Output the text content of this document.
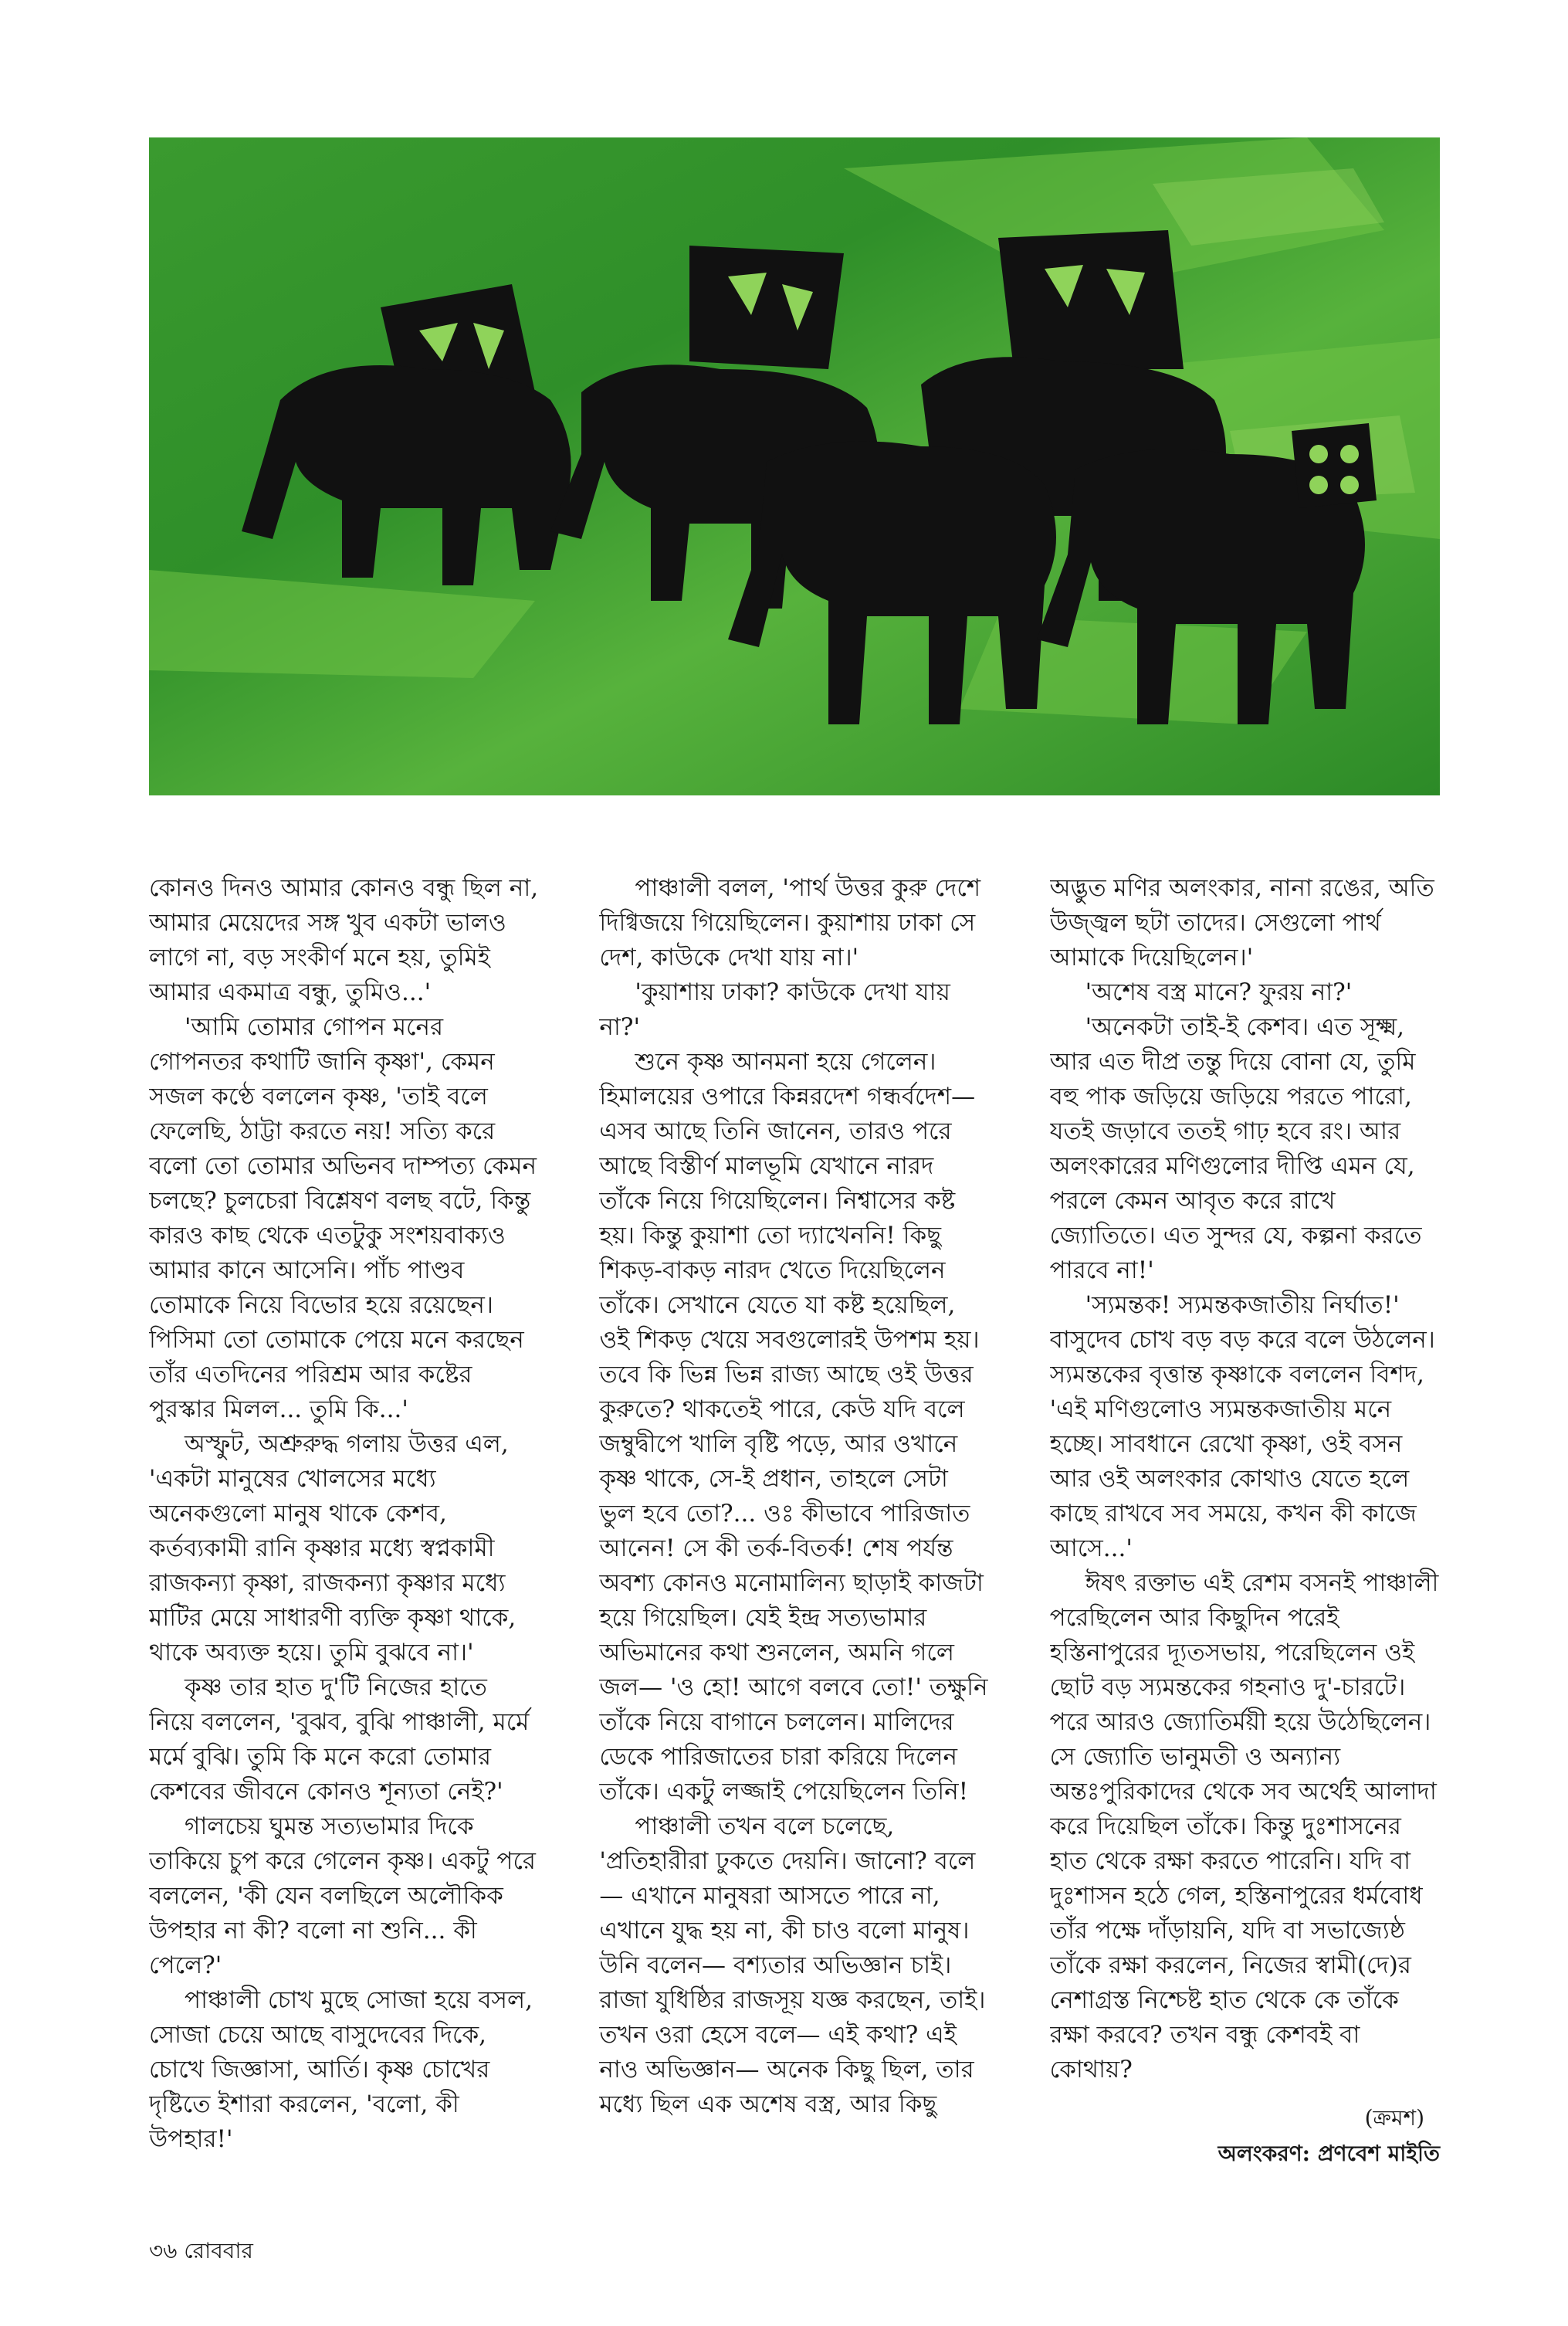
কোনও দিনও আমার কোনও বন্ধু ছিল না, আমার মেয়েদের সঙ্গ খুব একটা ভালও লাগে না, বড় সংকীর্ণ মনে হয়, তুমিই আমার একমাত্র বন্ধু, তুমিও...'

'আমি তোমার গোপন মনের গোপনতর কথাটি জানি কৃষ্ণা', কেমন সজল কণ্ঠে বললেন কৃষ্ণ, 'তাই বলে ফেলেছি, ঠাট্টা করতে নয়! সত্যি করে বলো তো তোমার অভিনব দাম্পত্য কেমন চলছে? চুলচেরা বিশ্লেষণ বলছ বটে, কিন্তু কারও কাছ থেকে এতটুকু সংশয়বাক্যও আমার কানে আসেনি। পাঁচ পাণ্ডব তোমাকে নিয়ে বিভোর হয়ে রয়েছেন। পিসিমা তো তোমাকে পেয়ে মনে করছেন তাঁর এতদিনের পরিশ্রম আর কষ্টের পুরস্কার মিলল... তুমি কি...'

অস্ফুট, অশ্রুরুদ্ধ গলায় উত্তর এল, 'একটা মানুষের খোলসের মধ্যে অনেকগুলো মানুষ থাকে কেশব, কর্তব্যকামী রানি কৃষ্ণার মধ্যে স্বপ্নকামী রাজকন্যা কৃষ্ণা, রাজকন্যা কৃষ্ণার মধ্যে মাটির মেয়ে সাধারণী ব্যক্তি কৃষ্ণা থাকে, থাকে অব্যক্ত হয়ে। তুমি বুঝবে না।'

কৃষ্ণ তার হাত দু'টি নিজের হাতে নিয়ে বললেন, 'বুঝব, বুঝি পাঞ্চালী, মর্মে মর্মে বুঝি। তুমি কি মনে করো তোমার কেশবের জীবনে কোনও শূন্যতা নেই?'

গালচেয় ঘুমন্ত সত্যভামার দিকে তাকিয়ে চুপ করে গেলেন কৃষ্ণ। একটু পরে বললেন, 'কী যেন বলছিলে অলৌকিক উপহার না কী? বলো না শুনি... কী পেলে?'

পাঞ্চালী চোখ মুছে সোজা হয়ে বসল, সোজা চেয়ে আছে বাসুদেবের দিকে, চোখে জিজ্ঞাসা, আর্তি। কৃষ্ণ চোখের দৃষ্টিতে ইশারা করলেন, 'বলো, কী উপহার!'

পাঞ্চালী বলল, 'পার্থ উত্তর কুরু দেশে দিগ্বিজয়ে গিয়েছিলেন। কুয়াশায় ঢাকা সে দেশ, কাউকে দেখা যায় না।'

'কুয়াশায় ঢাকা? কাউকে দেখা যায় না?'

শুনে কৃষ্ণ আনমনা হয়ে গেলেন। হিমালয়ের ওপারে কিন্নরদেশ গন্ধর্বদেশ— এসব আছে তিনি জানেন, তারও পরে আছে বিস্তীর্ণ মালভূমি যেখানে নারদ তাঁকে নিয়ে গিয়েছিলেন। নিশ্বাসের কষ্ট হয়। কিন্তু কুয়াশা তো দ্যাখেননি! কিছু শিকড়-বাকড় নারদ খেতে দিয়েছিলেন তাঁকে। সেখানে যেতে যা কষ্ট হয়েছিল, ওই শিকড় খেয়ে সবগুলোরই উপশম হয়। তবে কি ভিন্ন ভিন্ন রাজ্য আছে ওই উত্তর কুরুতে? থাকতেই পারে, কেউ যদি বলে জম্বুদ্বীপে খালি বৃষ্টি পড়ে, আর ওখানে কৃষ্ণ থাকে, সে-ই প্রধান, তাহলে সেটা ভুল হবে তো?... ওঃ কীভাবে পারিজাত আনেন! সে কী তর্ক-বিতর্ক! শেষ পর্যন্ত অবশ্য কোনও মনোমালিন্য ছাড়াই কাজটা হয়ে গিয়েছিল। যেই ইন্দ্র সত্যভামার অভিমানের কথা শুনলেন, অমনি গলে জল— 'ও হো! আগে বলবে তো!' তক্ষুনি তাঁকে নিয়ে বাগানে চললেন। মালিদের ডেকে পারিজাতের চারা করিয়ে দিলেন তাঁকে। একটু লজ্জাই পেয়েছিলেন তিনি!

পাঞ্চালী তখন বলে চলেছে, 'প্রতিহারীরা ঢুকতে দেয়নি। জানো? বলে— এখানে মানুষরা আসতে পারে না, এখানে যুদ্ধ হয় না, কী চাও বলো মানুষ। উনি বলেন— বশ্যতার অভিজ্ঞান চাই। রাজা যুধিষ্ঠির রাজসূয় যজ্ঞ করছেন, তাই। তখন ওরা হেসে বলে— এই কথা? এই নাও অভিজ্ঞান— অনেক কিছু ছিল, তার মধ্যে ছিল এক অশেষ বস্ত্র, আর কিছু

অদ্ভুত মণির অলংকার, নানা রঙের, অতি উজ্জ্বল ছটা তাদের। সেগুলো পার্থ আমাকে দিয়েছিলেন।'

'অশেষ বস্ত্র মানে? ফুরয় না?'

'অনেকটা তাই-ই কেশব। এত সূক্ষ্ম, আর এত দীপ্র তন্তু দিয়ে বোনা যে, তুমি বহু পাক জড়িয়ে জড়িয়ে পরতে পারো, যতই জড়াবে ততই গাঢ় হবে রং। আর অলংকারের মণিগুলোর দীপ্তি এমন যে, পরলে কেমন আবৃত করে রাখে জ্যোতিতে। এত সুন্দর যে, কল্পনা করতে পারবে না!'

'স্যমন্তক! স্যমন্তকজাতীয় নির্ঘাত!' বাসুদেব চোখ বড় বড় করে বলে উঠলেন। স্যমন্তকের বৃত্তান্ত কৃষ্ণাকে বললেন বিশদ, 'এই মণিগুলোও স্যমন্তকজাতীয় মনে হচ্ছে। সাবধানে রেখো কৃষ্ণা, ওই বসন আর ওই অলংকার কোথাও যেতে হলে কাছে রাখবে সব সময়ে, কখন কী কাজে আসে...'

ঈষৎ রক্তাভ এই রেশম বসনই পাঞ্চালী পরেছিলেন আর কিছুদিন পরেই হস্তিনাপুরের দ্যূতসভায়, পরেছিলেন ওই ছোট বড় স্যমন্তকের গহনাও দু'-চারটে। পরে আরও জ্যোতির্ময়ী হয়ে উঠেছিলেন। সে জ্যোতি ভানুমতী ও অন্যান্য অন্তঃপুরিকাদের থেকে সব অর্থেই আলাদা করে দিয়েছিল তাঁকে। কিন্তু দুঃশাসনের হাত থেকে রক্ষা করতে পারেনি। যদি বা দুঃশাসন হঠে গেল, হস্তিনাপুরের ধর্মবোধ তাঁর পক্ষে দাঁড়ায়নি, যদি বা সভাজ্যেষ্ঠ তাঁকে রক্ষা করলেন, নিজের স্বামী(দে)র নেশাগ্রস্ত নিশ্চেষ্ট হাত থেকে কে তাঁকে রক্ষা করবে? তখন বন্ধু কেশবই বা কোথায়?

(ক্রমশ)
অলংকরণ: প্রণবেশ মাইতি
৩৬ রোববার
